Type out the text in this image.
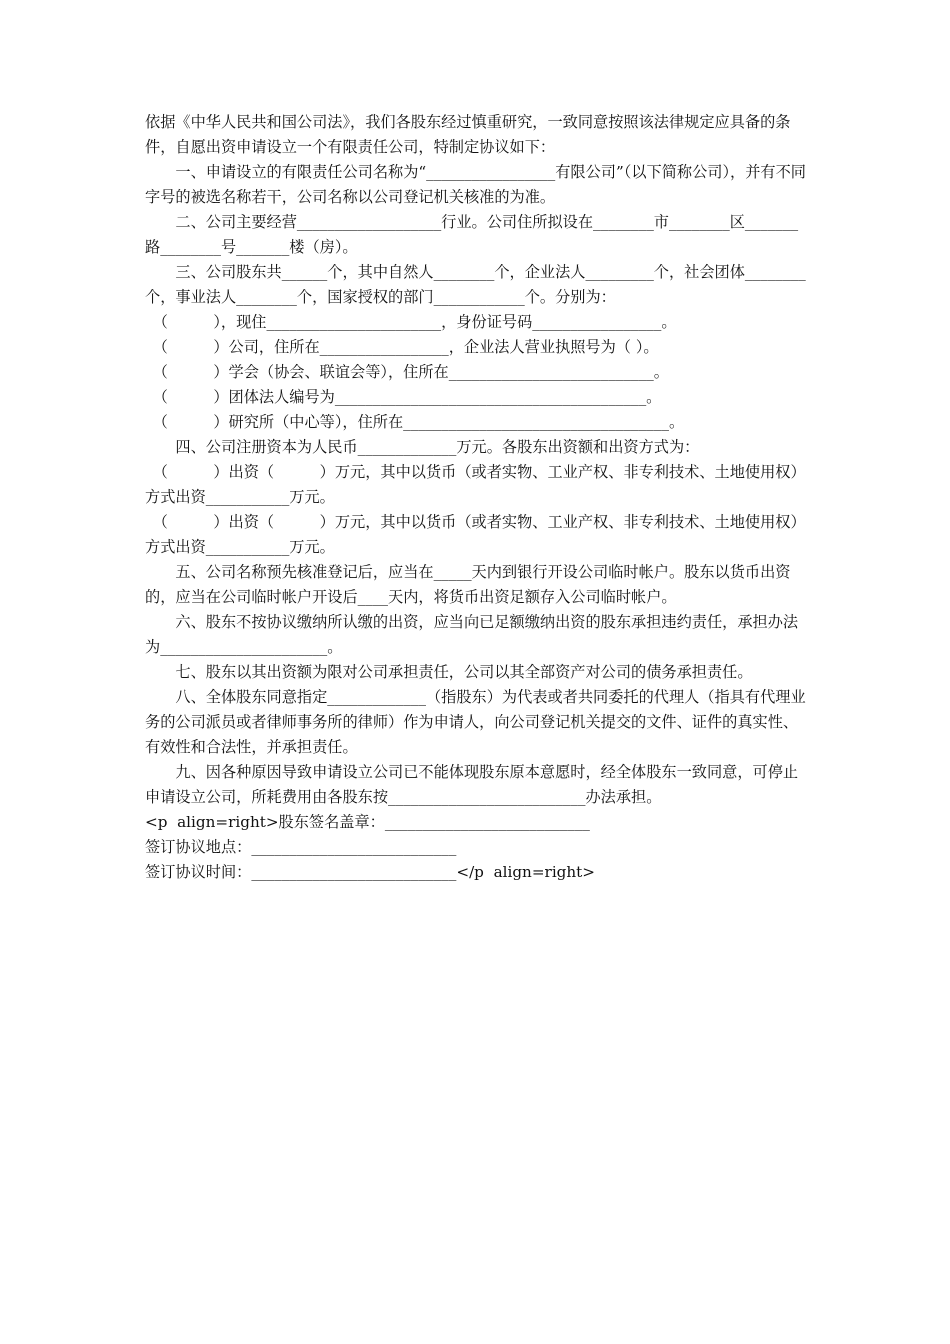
依据《中华人民共和国公司法》，我们各股东经过慎重研究，一致同意按照该法律规定应具备的条件，自愿出资申请设立一个有限责任公司，特制定协议如下：

　　一、申请设立的有限责任公司名称为“_________________有限公司”（以下简称公司），并有不同字号的被选名称若干，公司名称以公司登记机关核准的为准。

　　二、公司主要经营___________________行业。公司住所拟设在________市________区_______路________号_______楼（房）。

　　三、公司股东共______个，其中自然人________个，企业法人_________个，社会团体________个，事业法人________个，国家授权的部门____________个。分别为：

　（　　　），现住_______________________，身份证号码_________________。

　（　　　）公司，住所在_________________，企业法人营业执照号为（ ）。

　（　　　）学会（协会、联谊会等），住所在___________________________。

　（　　　）团体法人编号为_________________________________________。

　（　　　）研究所（中心等），住所在___________________________________。

　　四、公司注册资本为人民币_____________万元。各股东出资额和出资方式为：

　（　　　）出资（　　　）万元，其中以货币（或者实物、工业产权、非专利技术、土地使用权）方式出资___________万元。

　（　　　）出资（　　　）万元，其中以货币（或者实物、工业产权、非专利技术、土地使用权）方式出资___________万元。

　　五、公司名称预先核准登记后，应当在_____天内到银行开设公司临时帐户。股东以货币出资的，应当在公司临时帐户开设后____天内，将货币出资足额存入公司临时帐户。

　　六、股东不按协议缴纳所认缴的出资，应当向已足额缴纳出资的股东承担违约责任，承担办法为______________________。

　　七、股东以其出资额为限对公司承担责任，公司以其全部资产对公司的债务承担责任。

　　八、全体股东同意指定_____________（指股东）为代表或者共同委托的代理人（指具有代理业务的公司派员或者律师事务所的律师）作为申请人，向公司登记机关提交的文件、证件的真实性、有效性和合法性，并承担责任。

　　九、因各种原因导致申请设立公司已不能体现股东原本意愿时，经全体股东一致同意，可停止申请设立公司，所耗费用由各股东按__________________________办法承担。

<p  align=right>股东签名盖章：___________________________

签订协议地点：___________________________

签订协议时间：___________________________</p  align=right>
